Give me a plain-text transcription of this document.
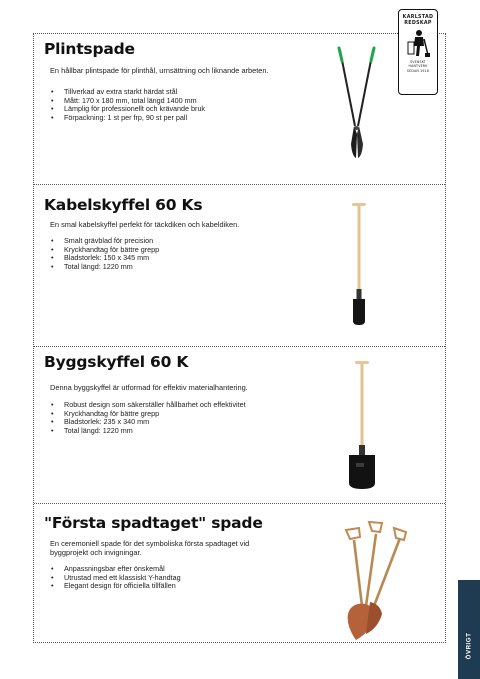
Plintspade

En hållbar plintspade för plinthål, urnsättning och liknande arbeten.

• Tillverkad av extra starkt härdat stål
• Mått: 170 x 180 mm, total längd 1400 mm
• Lämplig för professionellt och krävande bruk
• Förpackning: 1 st per frp, 90 st per pall
Kabelskyffel 60 Ks

En smal kabelskyffel perfekt för täckdiken och kabeldiken.

• Smalt grävblad för precision
• Kryckhandtag för bättre grepp
• Bladstorlek: 150 x 345 mm
• Total längd: 1220 mm
Byggskyffel 60 K

Denna byggskyffel är utformad för effektiv materialhantering.

• Robust design som säkerställer hållbarhet och effektivitet
• Kryckhandtag för bättre grepp
• Bladstorlek: 235 x 340 mm
• Total längd: 1220 mm
"Första spadtaget" spade

En ceremoniell spade för det symboliska första spadtaget vid byggprojekt och invigningar.

• Anpassningsbar efter önskemål
• Utrustad med ett klassiskt Y-handtag
• Elegant design för officiella tillfällen
KARLSTAD
REDSKAP
SVENSKT
HANTVERK
SEDAN 1918
ÖVRIGT
